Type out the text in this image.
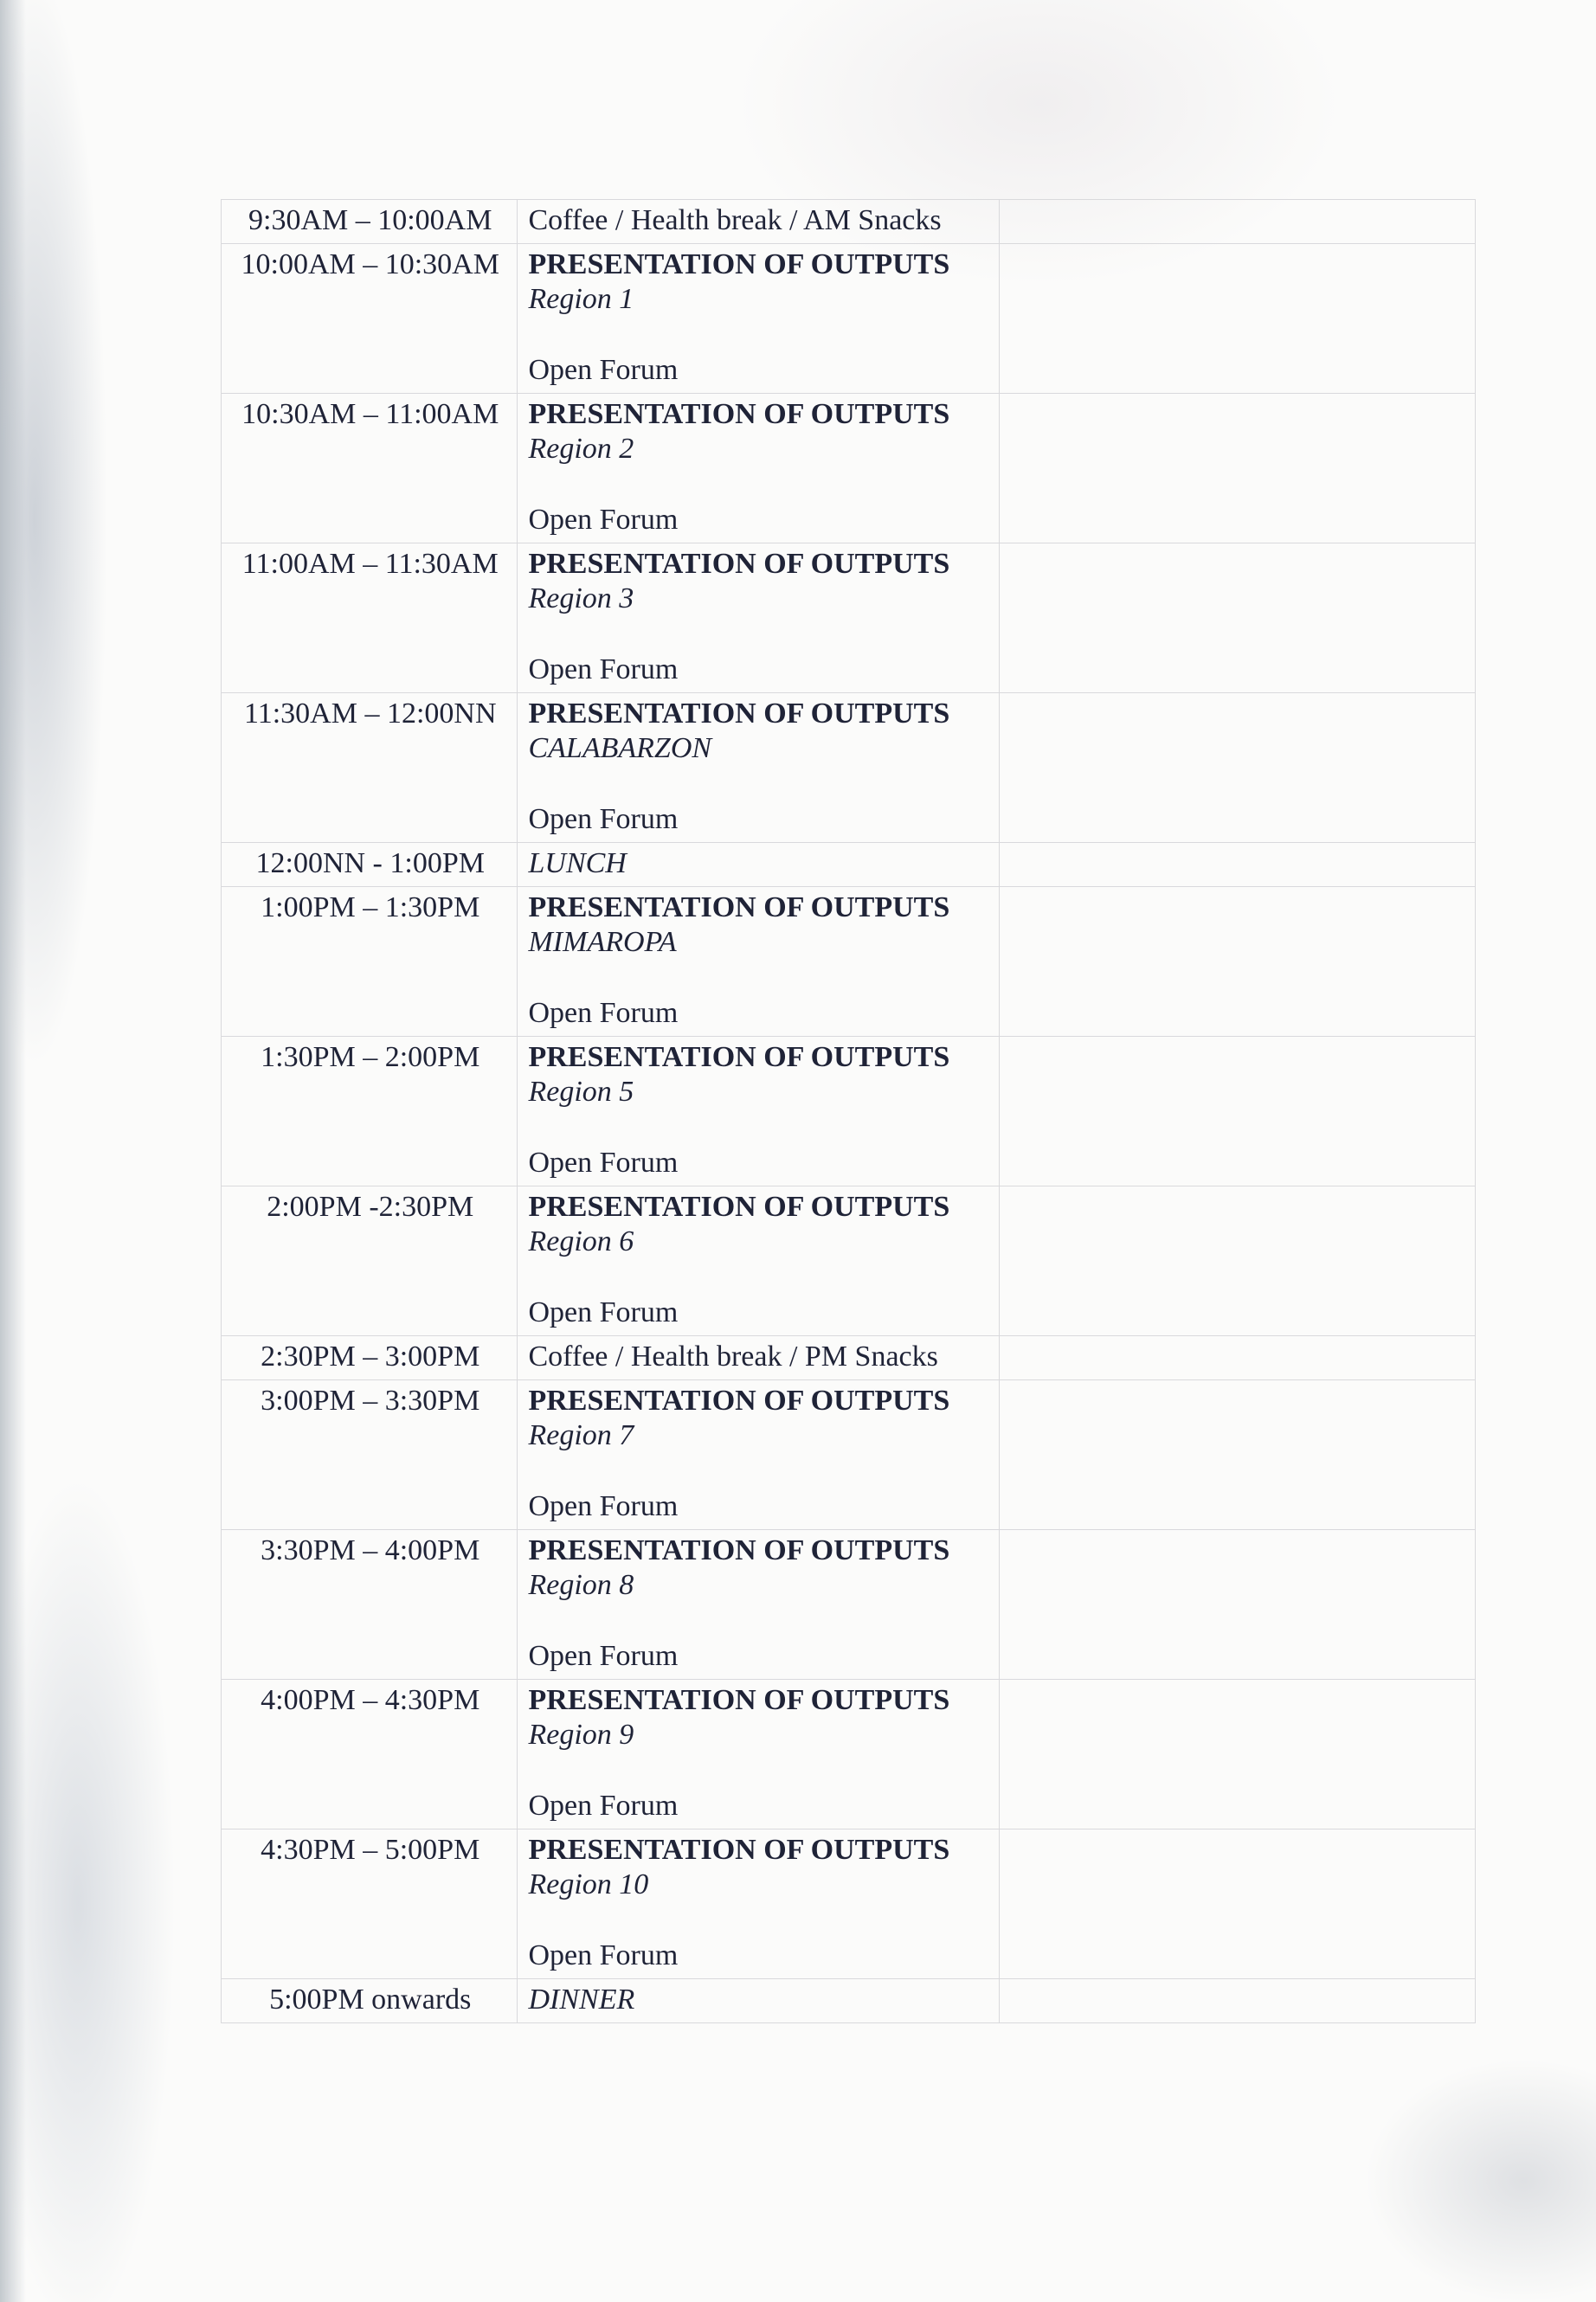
9:30AM – 10:00AM	Coffee / Health break / AM Snacks	

10:00AM – 10:30AM	PRESENTATION OF OUTPUTS
Region 1
Open Forum	

10:30AM – 11:00AM	PRESENTATION OF OUTPUTS
Region 2
Open Forum	

11:00AM – 11:30AM	PRESENTATION OF OUTPUTS
Region 3
Open Forum	

11:30AM – 12:00NN	PRESENTATION OF OUTPUTS
CALABARZON
Open Forum	

12:00NN - 1:00PM	LUNCH	

1:00PM – 1:30PM	PRESENTATION OF OUTPUTS
MIMAROPA
Open Forum	

1:30PM – 2:00PM	PRESENTATION OF OUTPUTS
Region 5
Open Forum	

2:00PM -2:30PM	PRESENTATION OF OUTPUTS
Region 6
Open Forum	

2:30PM – 3:00PM	Coffee / Health break / PM Snacks	

3:00PM – 3:30PM	PRESENTATION OF OUTPUTS
Region 7
Open Forum	

3:30PM – 4:00PM	PRESENTATION OF OUTPUTS
Region 8
Open Forum	

4:00PM – 4:30PM	PRESENTATION OF OUTPUTS
Region 9
Open Forum	

4:30PM – 5:00PM	PRESENTATION OF OUTPUTS
Region 10
Open Forum	

5:00PM onwards	DINNER	
